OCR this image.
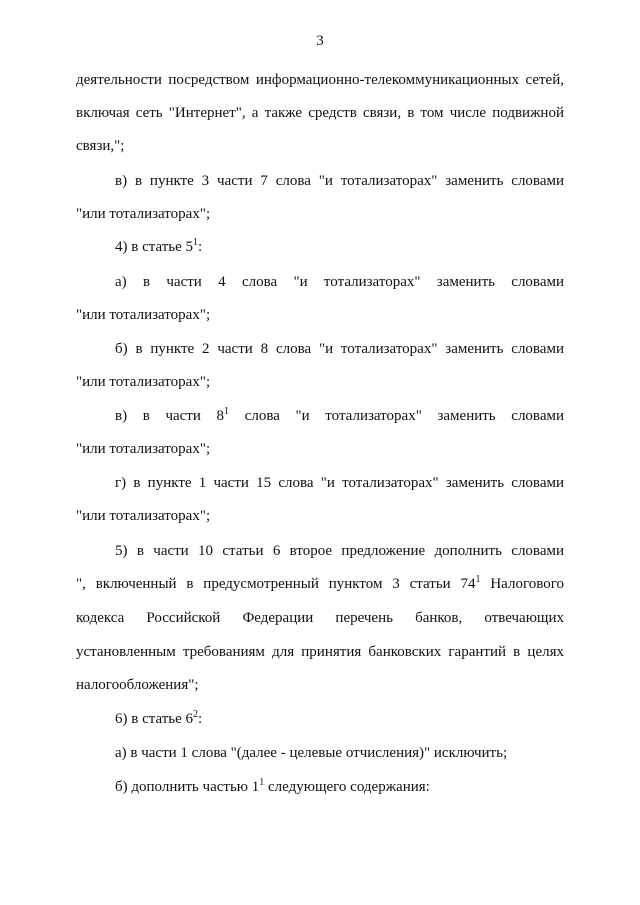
3
деятельности посредством информационно-телекоммуникационных сетей,
включая сеть "Интернет", а также средств связи, в том числе подвижной
связи,";
в) в пункте 3 части 7 слова "и тотализаторах" заменить словами
"или тотализаторах";
4) в статье $5^1$:
а) в части 4 слова "и тотализаторах" заменить словами
"или тотализаторах";
б) в пункте 2 части 8 слова "и тотализаторах" заменить словами
"или тотализаторах";
в) в части $8^1$ слова "и тотализаторах" заменить словами
"или тотализаторах";
г) в пункте 1 части 15 слова "и тотализаторах" заменить словами
"или тотализаторах";
5) в части 10 статьи 6 второе предложение дополнить словами
", включенный в предусмотренный пунктом 3 статьи $74^1$ Налогового
кодекса Российской Федерации перечень банков, отвечающих
установленным требованиям для принятия банковских гарантий в целях
налогообложения";
6) в статье $6^2$:
а) в части 1 слова "(далее - целевые отчисления)" исключить;
б) дополнить частью $1^1$ следующего содержания:
